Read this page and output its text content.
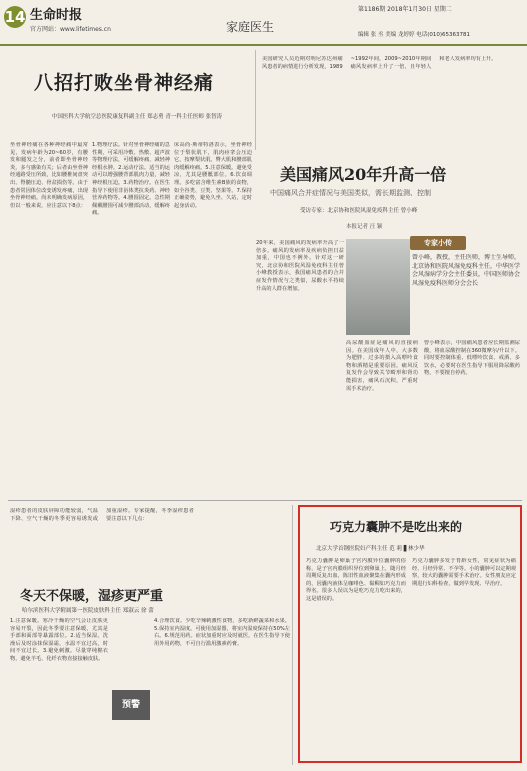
14 生命时报
官方网站：www.lifetimes.cn	家庭医生
第1186期 2018年1月30日 星期二
编辑 张 丞 美编 龙婷婷 电话(010)65363781
八招打败坐骨神经痛
中国医科大学航空总医院康复科副主任 郑志勇 青一科主任医师 张智涛
坐骨神经痛在各种神经痛中最常见，发病年龄为20~60岁，有腰发和腿发之分，前者即坐骨神经炎，多与感染有关；后者由坐骨神经通路受压所致，比如腰椎间盘突出、脊髓压迫、骨盆损伤等。由于患者常因体位改变诱发疼痛，出现坐骨神经痛。尚未明确发病原因，但以一般来说，应注意以下8点：
1.物理疗法。针对坐骨神经痛的急性期，可采用冷敷、热敷、超声波等物理疗法，可缓解疼痛、减轻神经根水肿。2.运动疗法。适当的运动可以增强腰背部肌肉力量，减轻神经根压迫。3.药物治疗。在医生指导下使用非甾体类抗炎药、神经营养药物等。4.腰围固定。急性期佩戴腰围可减少腰部活动，缓解疼痛。
床高尚·斯蒂特洛表示，坐骨神经位于梨状肌下，肌肉痉挛会压迫它，按摩梨状肌，臀大肌和腰部肌肉缓解疼痛。5.注意保暖。避免受凉，尤其是腰骶部位。6.饮食调理。多吃富含维生素B族的食物，如全谷类、豆类、坚果等。7.保持正确姿势，避免久坐、久站，定时起身活动。
美国研究人员近期对明尼苏达州痛风患者的病情进行分析发现，1989~1992年间，2009~2010年期间痛风发病率上升了一倍，且年轻人和老人发病率均有上升。
美国痛风20年升高一倍
中国痛风合并症情况与美国类似，需长期监测、控制
受访专家：北京协和医院风湿免疫科主任 曾小峰
本报记者 汪 颖
20年来，美国痛风的发病率升高了一倍多。痛风的发病率及疾病负担日益加重，中国也不例外。针对这一研究，北京协和医院风湿免疫科主任曾小峰教授表示，我国痛风患者的合并症发作情况与之类似，尿酸水平持续升高的人群在增加。
专家小传
曾小峰，教授，主任医师，博士生导师，北京协和医院风湿免疫科主任，中华医学会风湿病学分会主任委员，中国医师协会风湿免疫科医师分会会长
高尿酸血症是痛风的直接病因。在美国成年人中，大多数为肥胖、过多的摄入高嘌呤食物和酒精是重要原因。痛风反复发作会导致关节畸形和肾功能损害，痛风石沉积，严重时需手术治疗。
曾小峰表示，中国痛风患者应长期监测尿酸，将血尿酸控制在360微摩尔/升以下。同时要控制体重、低嘌呤饮食、戒酒、多饮水，必要时在医生指导下服用降尿酸药物，不要擅自停药。
湿疹患者的皮肤屏障功能较弱，气温下降、空气干燥的冬季更容易诱发或加重湿疹。专家提醒，冬季湿疹患者要注意以下几点：
冬天不保暖，湿疹更严重
哈尔滨医科大学附属第一医院皮肤科主任 郑淑云 徐 蕾
1.注意保暖。寒冷干燥的空气会让皮肤更容易开裂，因此冬季要注意保暖，尤其是手部和面部等暴露部位。2.适当保湿。洗澡后及时涂抹保湿霜，水温不宜过高，时间不宜过长。3.避免刺激。尽量穿纯棉衣物，避免羊毛、化纤衣物直接接触皮肤。
预警
4.合理饮食。少吃辛辣刺激性食物，多吃新鲜蔬菜和水果。5.保持室内湿度。可使用加湿器，将室内湿度保持在50%左右。6.规范用药。症状加重时应及时就医，在医生指导下使用外用药物，不可自行滥用激素药膏。
巧克力囊肿不是吃出来的
北京大学首钢医院妇产科主任 范 莉 ▋林少华
巧克力囊肿是卵巢子宫内膜异位囊肿的俗称，是子宫内膜组织异位到卵巢上，随月经周期反复出血，陈旧性血液聚集在囊内形成的，因囊内液体呈咖啡色、黏稠如巧克力而得名。很多人误以为是吃巧克力吃出来的，这是错误的。
巧克力囊肿多发于育龄女性，常见症状为痛经、月经异常、不孕等。小的囊肿可以定期观察，较大的囊肿需要手术治疗。女性朋友应定期进行妇科检查，做到早发现、早治疗。
